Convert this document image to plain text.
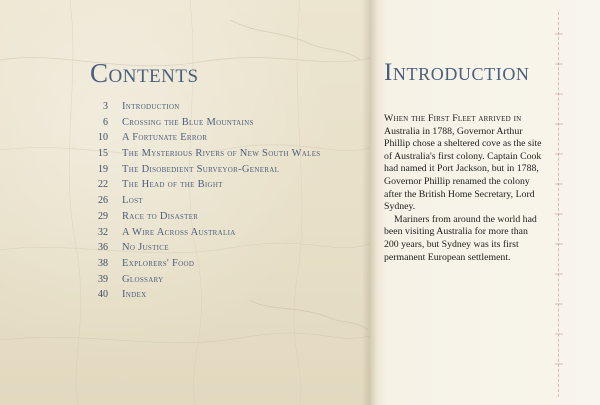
Contents
3 Introduction
6 Crossing the Blue Mountains
10 A Fortunate Error
15 The Mysterious Rivers of New South Wales
19 The Disobedient Surveyor-General
22 The Head of the Bight
26 Lost
29 Race to Disaster
32 A Wire Across Australia
36 No Justice
38 Explorers' Food
39 Glossary
40 Index
Introduction

When the First Fleet arrived in Australia in 1788, Governor Arthur Phillip chose a sheltered cove as the site of Australia's first colony. Captain Cook had named it Port Jackson, but in 1788, Governor Phillip renamed the colony after the British Home Secretary, Lord Sydney.

Mariners from around the world had been visiting Australia for more than 200 years, but Sydney was its first permanent European settlement.
